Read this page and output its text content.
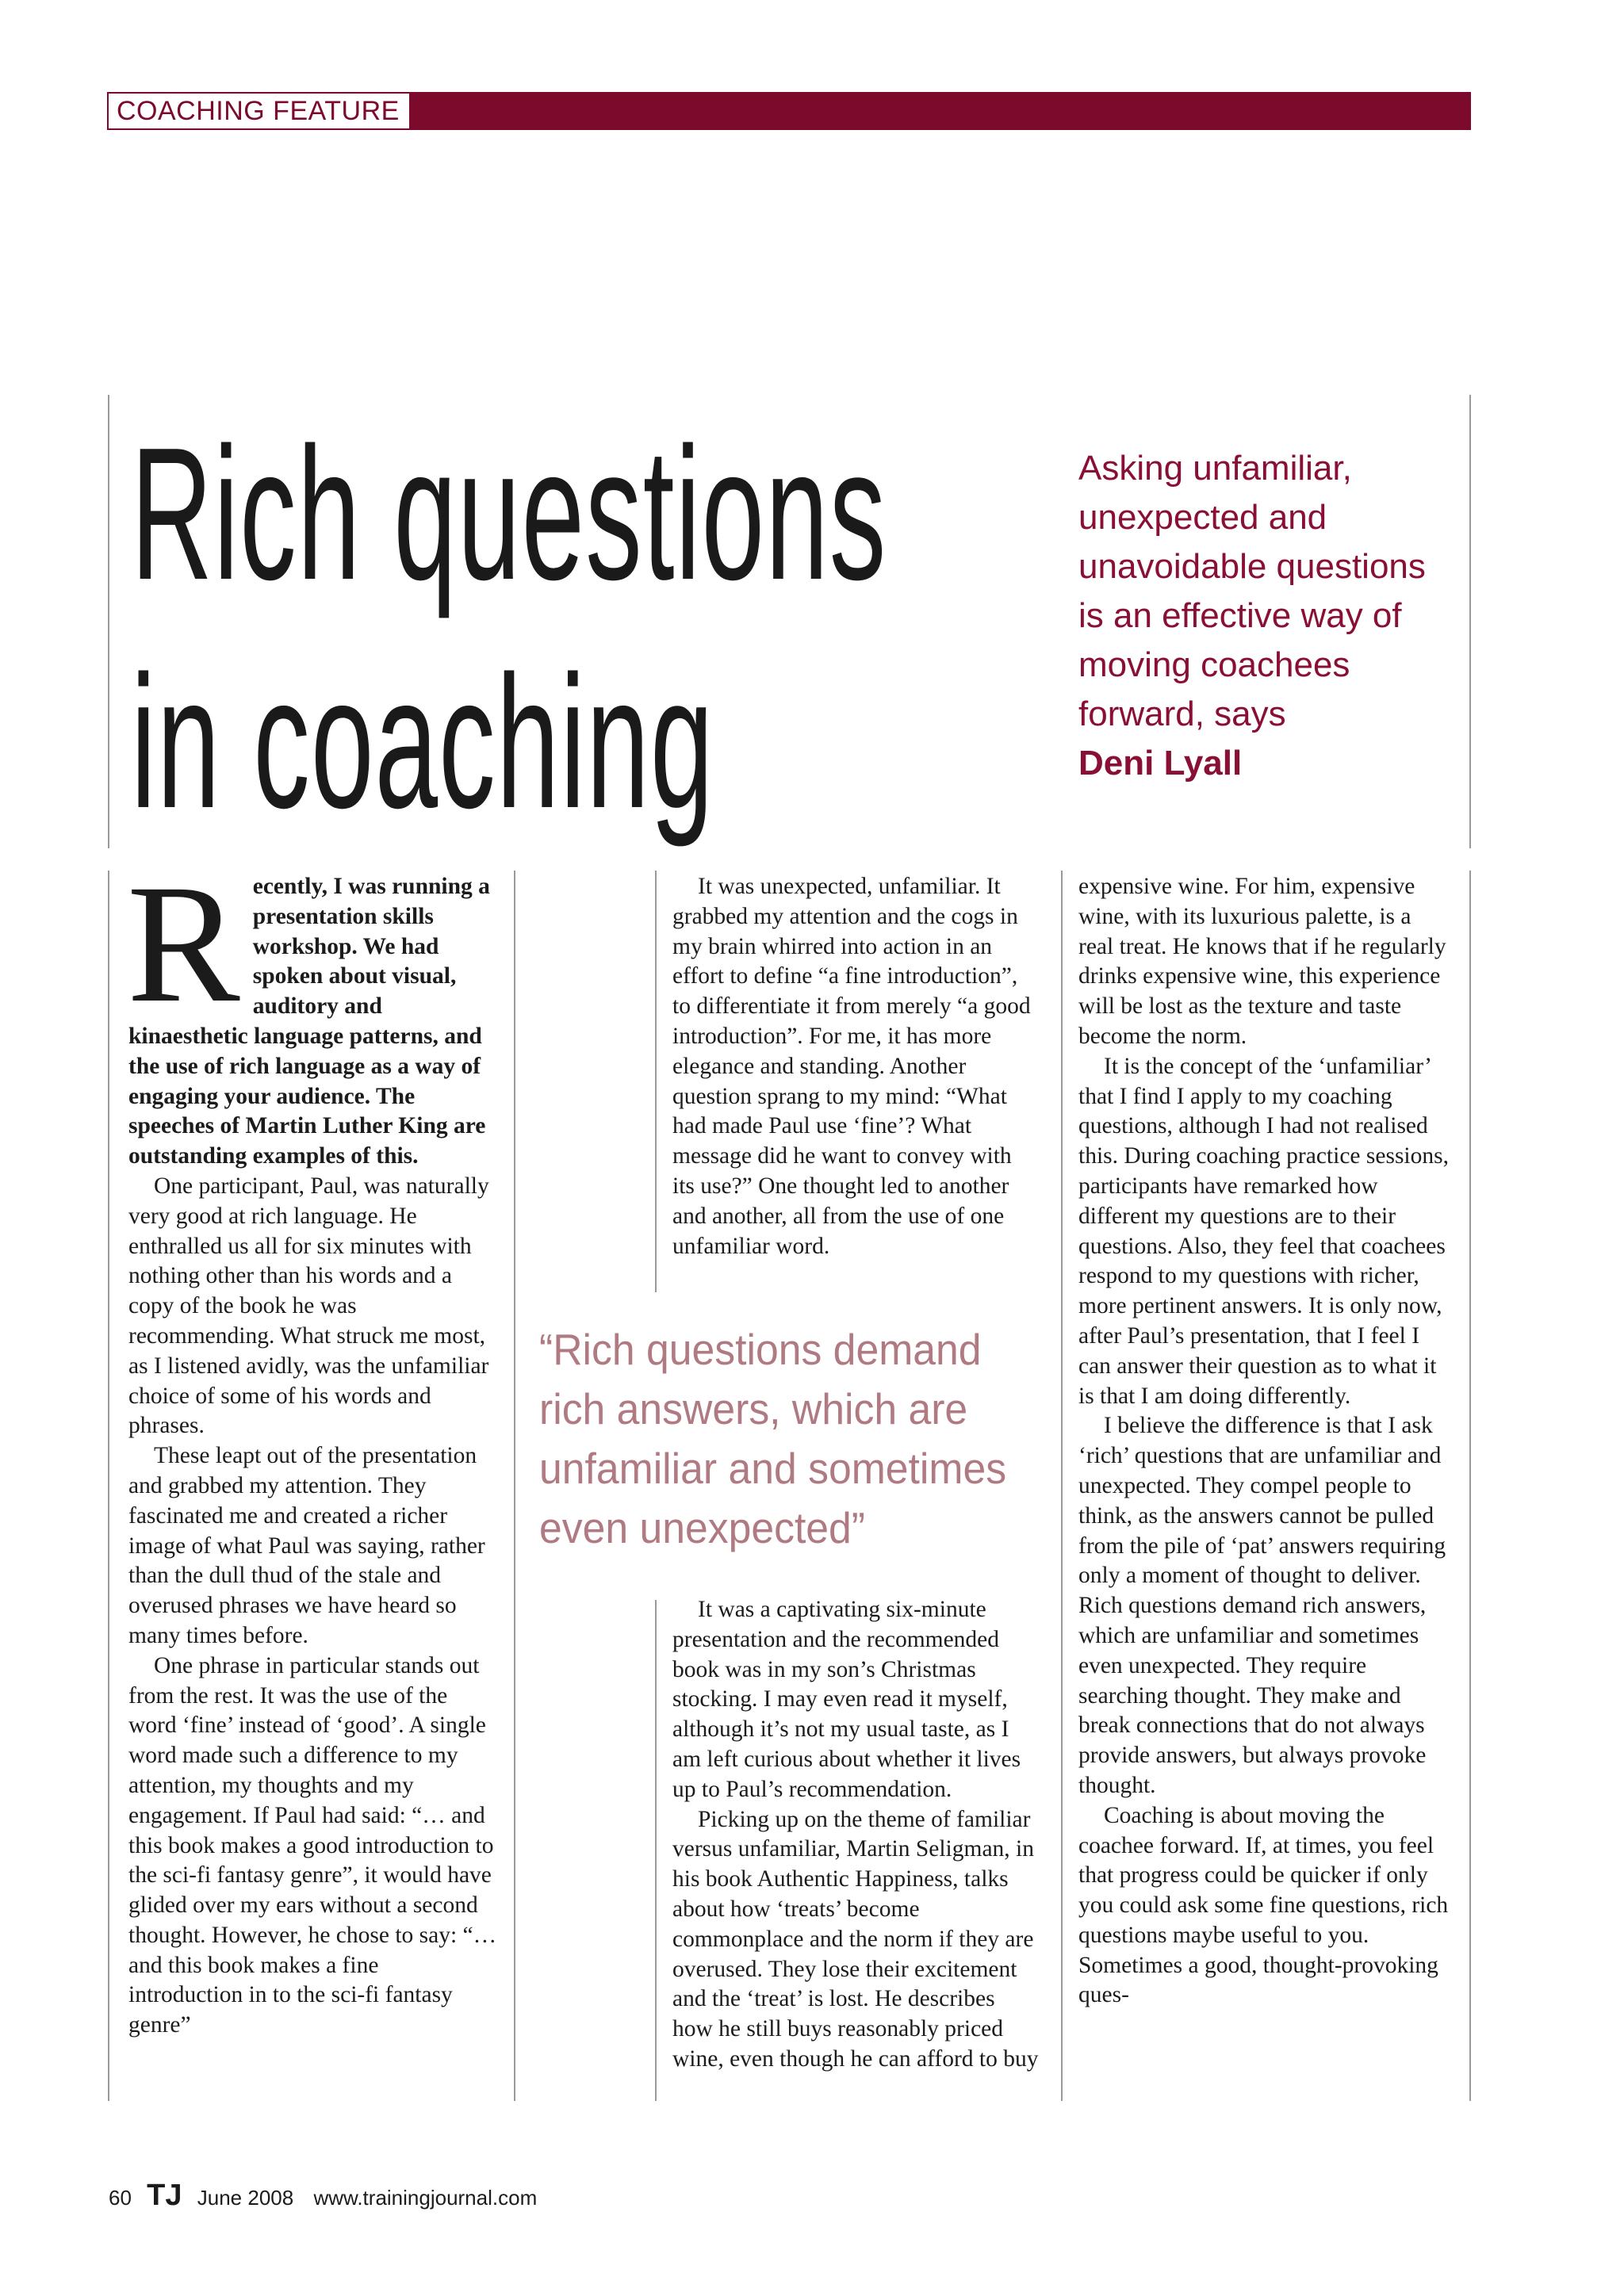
COACHING FEATURE
Rich questions
in coaching
Asking unfamiliar, unexpected and unavoidable questions is an effective way of moving coachees forward, says
Deni Lyall

Recently, I was running a presentation skills workshop. We had spoken about visual, auditory and kinaesthetic language patterns, and the use of rich language as a way of engaging your audience. The speeches of Martin Luther King are outstanding examples of this.

One participant, Paul, was naturally very good at rich language. He enthralled us all for six minutes with nothing other than his words and a copy of the book he was recommending. What struck me most, as I listened avidly, was the unfamiliar choice of some of his words and phrases.

These leapt out of the presentation and grabbed my attention. They fascinated me and created a richer image of what Paul was saying, rather than the dull thud of the stale and overused phrases we have heard so many times before.

One phrase in particular stands out from the rest. It was the use of the word ‘fine’ instead of ‘good’. A single word made such a difference to my attention, my thoughts and my engagement. If Paul had said: “… and this book makes a good introduction to the sci-fi fantasy genre”, it would have glided over my ears without a second thought. However, he chose to say: “… and this book makes a fine introduction in to the sci-fi fantasy genre”

It was unexpected, unfamiliar. It grabbed my attention and the cogs in my brain whirred into action in an effort to define “a fine introduction”, to differentiate it from merely “a good introduction”. For me, it has more elegance and standing. Another question sprang to my mind: “What had made Paul use ‘fine’? What message did he want to convey with its use?” One thought led to another and another, all from the use of one unfamiliar word.

“Rich questions demand rich answers, which are unfamiliar and sometimes even unexpected”

It was a captivating six-minute presentation and the recommended book was in my son’s Christmas stocking. I may even read it myself, although it’s not my usual taste, as I am left curious about whether it lives up to Paul’s recommendation.

Picking up on the theme of familiar versus unfamiliar, Martin Seligman, in his book Authentic Happiness, talks about how ‘treats’ become commonplace and the norm if they are overused. They lose their excitement and the ‘treat’ is lost. He describes how he still buys reasonably priced wine, even though he can afford to buy

expensive wine. For him, expensive wine, with its luxurious palette, is a real treat. He knows that if he regularly drinks expensive wine, this experience will be lost as the texture and taste become the norm.

It is the concept of the ‘unfamiliar’ that I find I apply to my coaching questions, although I had not realised this. During coaching practice sessions, participants have remarked how different my questions are to their questions. Also, they feel that coachees respond to my questions with richer, more pertinent answers. It is only now, after Paul’s presentation, that I feel I can answer their question as to what it is that I am doing differently.

I believe the difference is that I ask ‘rich’ questions that are unfamiliar and unexpected. They compel people to think, as the answers cannot be pulled from the pile of ‘pat’ answers requiring only a moment of thought to deliver. Rich questions demand rich answers, which are unfamiliar and sometimes even unexpected. They require searching thought. They make and break connections that do not always provide answers, but always provoke thought.

Coaching is about moving the coachee forward. If, at times, you feel that progress could be quicker if only you could ask some fine questions, rich questions maybe useful to you. Sometimes a good, thought-provoking ques-

60 TJ June 2008 www.trainingjournal.com
